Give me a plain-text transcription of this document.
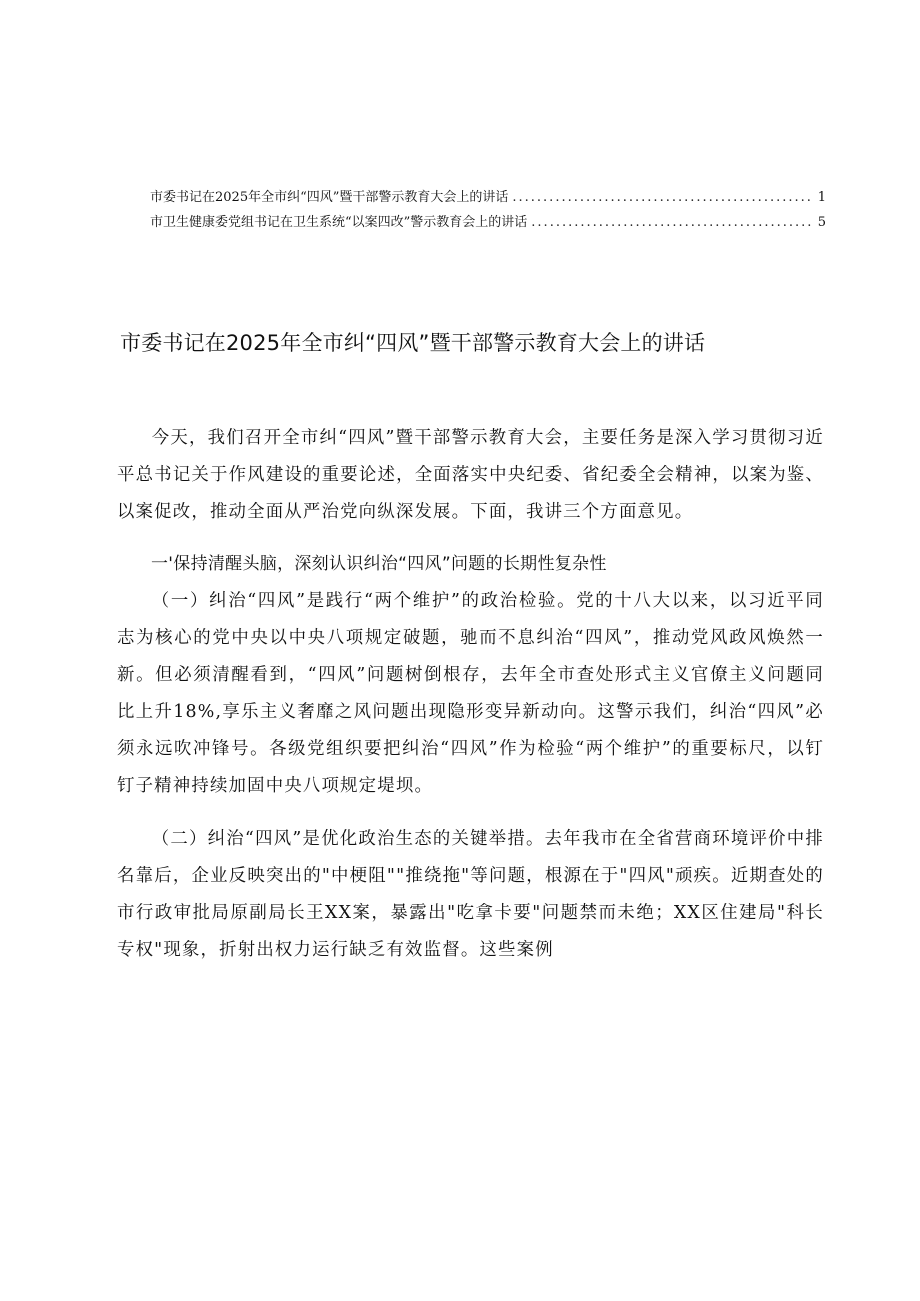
市委书记在2025年全市纠“四风”暨干部警示教育大会上的讲话 .....	1
市卫生健康委党组书记在卫生系统“以案四改”警示教育会上的讲话 .....	5
市委书记在2025年全市纠“四风”暨干部警示教育大会上的讲话

今天，我们召开全市纠“四风”暨干部警示教育大会，主要任务是深入学习贯彻习近平总书记关于作风建设的重要论述，全面落实中央纪委、省纪委全会精神，以案为鉴、以案促改，推动全面从严治党向纵深发展。下面，我讲三个方面意见。

一'保持清醒头脑，深刻认识纠治“四风”问题的长期性复杂性

（一）纠治“四风”是践行“两个维护”的政治检验。党的十八大以来，以习近平同志为核心的党中央以中央八项规定破题，驰而不息纠治“四风”，推动党风政风焕然一新。但必须清醒看到，“四风”问题树倒根存，去年全市查处形式主义官僚主义问题同比上升18%,享乐主义奢靡之风问题出现隐形变异新动向。这警示我们，纠治“四风”必须永远吹冲锋号。各级党组织要把纠治“四风”作为检验“两个维护”的重要标尺，以钉钉子精神持续加固中央八项规定堤坝。

（二）纠治“四风”是优化政治生态的关键举措。去年我市在全省营商环境评价中排名靠后，企业反映突出的"中梗阻""推绕拖"等问题，根源在于"四风"顽疾。近期查处的市行政审批局原副局长王XX案，暴露出"吃拿卡要"问题禁而未绝；XX区住建局"科长专权"现象，折射出权力运行缺乏有效监督。这些案例
